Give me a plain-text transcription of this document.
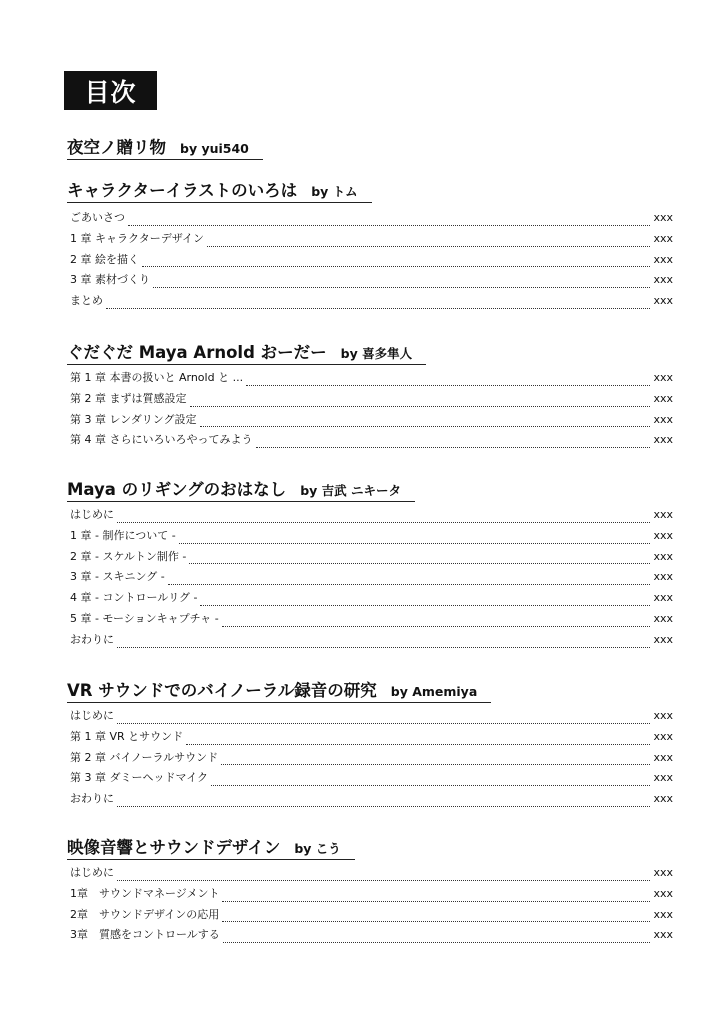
目次
夜空ノ贈リ物 by yui540
キャラクターイラストのいろは by トム
ごあいさつ	xxx
1 章 キャラクターデザイン	xxx
2 章 絵を描く	xxx
3 章 素材づくり	xxx
まとめ	xxx
ぐだぐだ Maya Arnold おーだー by 喜多隼人
第 1 章 本書の扱いと Arnold と ...	xxx
第 2 章 まずは質感設定	xxx
第 3 章 レンダリング設定	xxx
第 4 章 さらにいろいろやってみよう	xxx
Maya のリギングのおはなし by 吉武 ニキータ
はじめに	xxx
1 章 - 制作について -	xxx
2 章 - スケルトン制作 -	xxx
3 章 - スキニング -	xxx
4 章 - コントロールリグ -	xxx
5 章 - モーションキャプチャ -	xxx
おわりに	xxx
VR サウンドでのバイノーラル録音の研究 by Amemiya
はじめに	xxx
第 1 章 VR とサウンド	xxx
第 2 章 バイノーラルサウンド	xxx
第 3 章 ダミーヘッドマイク	xxx
おわりに	xxx
映像音響とサウンドデザイン by こう
はじめに	xxx
1章　サウンドマネージメント	xxx
2章　サウンドデザインの応用	xxx
3章　質感をコントロールする	xxx
